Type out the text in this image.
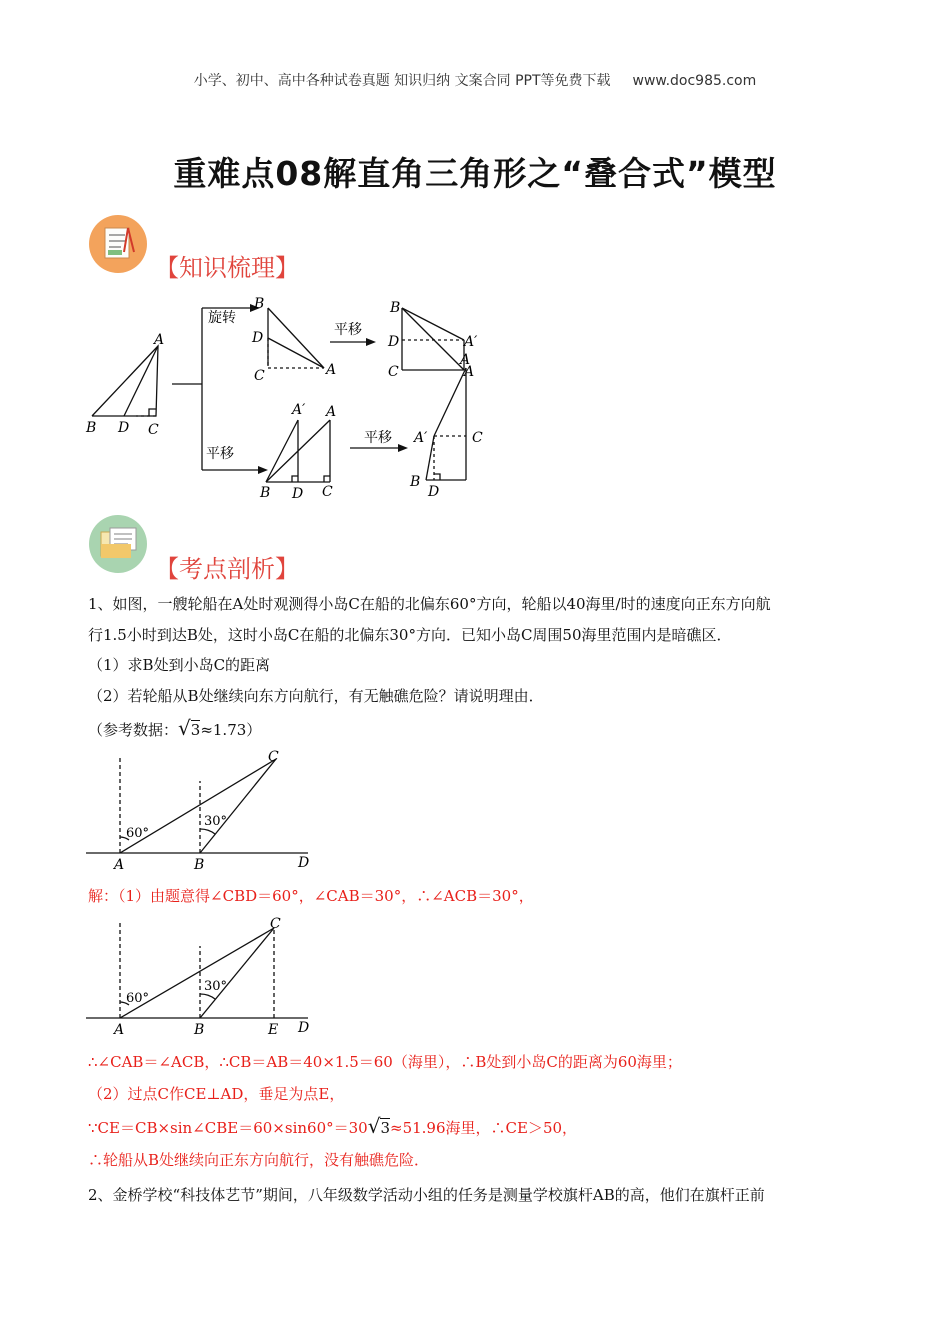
小学、初中、高中各种试卷真题 知识归纳 文案合同 PPT等免费下载 www.doc985.com
重难点08解直角三角形之“叠合式”模型
【知识梳理】
A
B D C
旋转
平移
B
D
C	A
平移
B
D
C
A′
A
A′ A
B D C
平移
A
A′	C
B
D
【考点剖析】
1、如图，一艘轮船在A处时观测得小岛C在船的北偏东60°方向，轮船以40海里/时的速度向正东方向航
行1.5小时到达B处，这时小岛C在船的北偏东30°方向．已知小岛C周围50海里范围内是暗礁区．
（1）求B处到小岛C的距离
（2）若轮船从B处继续向东方向航行，有无触礁危险？请说明理由．
（参考数据：√3≈1.73）
60°
30°
A	B
C
D
解：（1）由题意得∠CBD＝60°，∠CAB＝30°，∴∠ACB＝30°，
60°
30°
A	B
C
E D
∴∠CAB＝∠ACB，∴CB＝AB＝40×1.5＝60（海里），∴B处到小岛C的距离为60海里；
（2）过点C作CE⊥AD，垂足为点E，
∵CE＝CB×sin∠CBE＝60×sin60°＝30√3≈51.96海里，∴CE＞50，
∴轮船从B处继续向正东方向航行，没有触礁危险．
2、金桥学校“科技体艺节”期间，八年级数学活动小组的任务是测量学校旗杆AB的高，他们在旗杆正前
